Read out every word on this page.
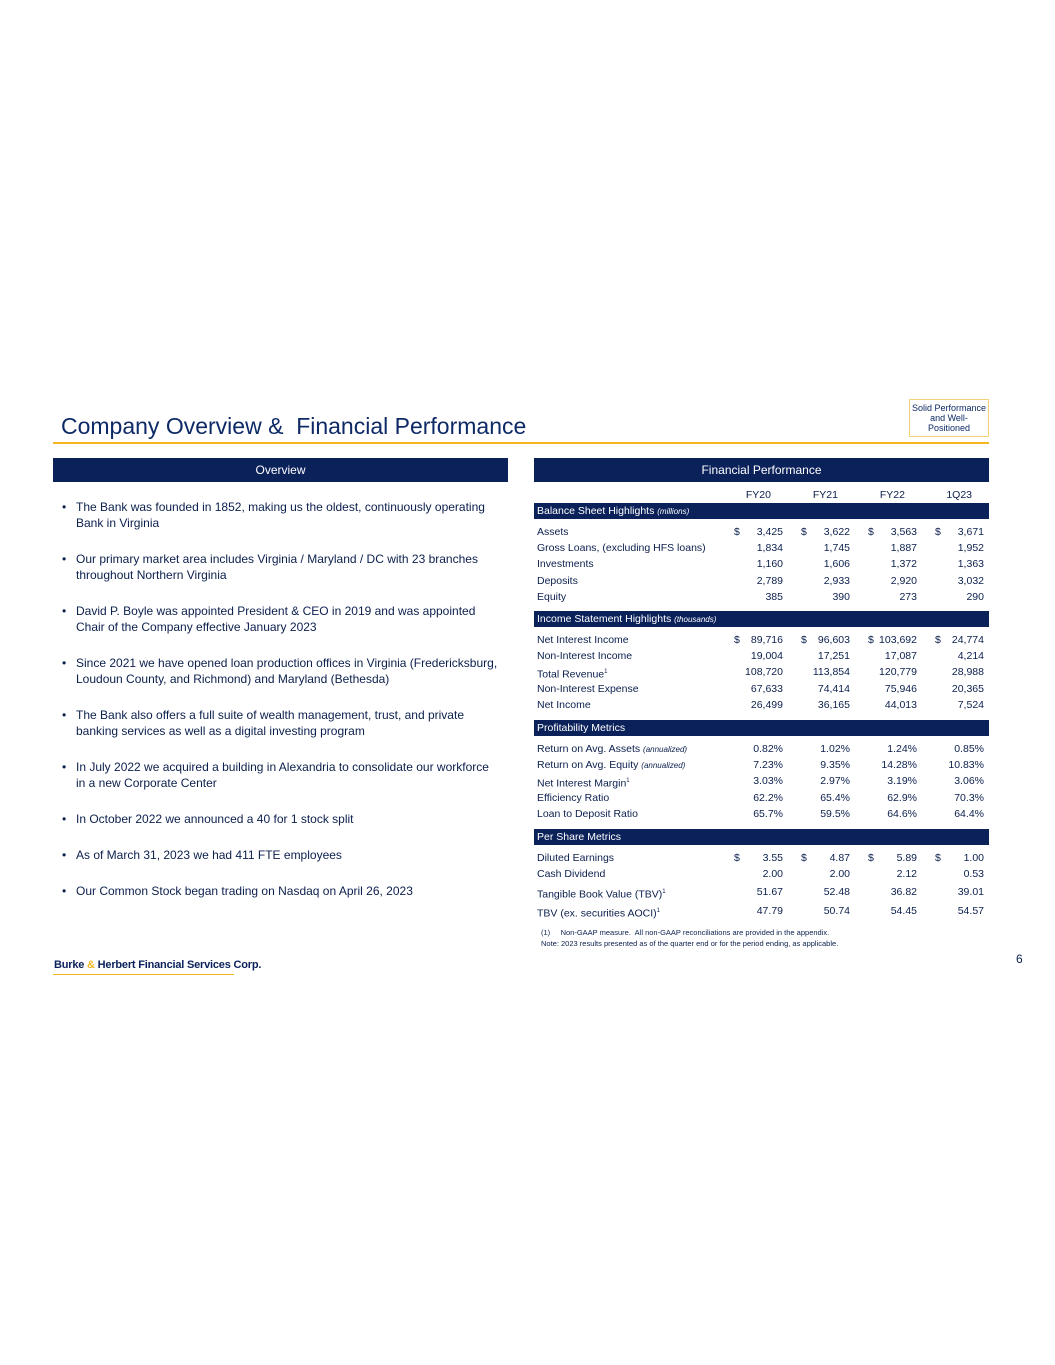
Company Overview &  Financial Performance
Solid Performance
and Well-
Positioned
Overview	Financial Performance
• The Bank was founded in 1852, making us the oldest, continuously operating Bank in Virginia
• Our primary market area includes Virginia / Maryland / DC with 23 branches throughout Northern Virginia
• David P. Boyle was appointed President & CEO in 2019 and was appointed Chair of the Company effective January 2023
• Since 2021 we have opened loan production offices in Virginia (Fredericksburg, Loudoun County, and Richmond) and Maryland (Bethesda)
• The Bank also offers a full suite of wealth management, trust, and private banking services as well as a digital investing program
• In July 2022 we acquired a building in Alexandria to consolidate our workforce in a new Corporate Center
• In October 2022 we announced a 40 for 1 stock split
• As of March 31, 2023 we had 411 FTE employees
• Our Common Stock began trading on Nasdaq on April 26, 2023
FY20	FY21	FY22	1Q23
Balance Sheet Highlights (millions)
Assets	$	3,425 $	3,622 $	3,563 $	3,671
Gross Loans, (excluding HFS loans)	1,834	1,745	1,887	1,952
Investments	1,160	1,606	1,372	1,363
Deposits	2,789	2,933	2,920	3,032
Equity	385	390	273	290
Income Statement Highlights (thousands)
Net Interest Income	$	89,716 $	96,603 $ 103,692 $	24,774
Non-Interest Income	19,004	17,251	17,087	4,214
Total Revenue$^1$	108,720	113,854	120,779	28,988
Non-Interest Expense	67,633	74,414	75,946	20,365
Net Income	26,499	36,165	44,013	7,524
Profitability Metrics
Return on Avg. Assets (annualized)	0.82%	1.02%	1.24%	0.85%
Return on Avg. Equity (annualized)	7.23%	9.35%	14.28%	10.83%
Net Interest Margin$^1$	3.03%	2.97%	3.19%	3.06%
Efficiency Ratio	62.2%	65.4%	62.9%	70.3%
Loan to Deposit Ratio	65.7%	59.5%	64.6%	64.4%
Per Share Metrics
Diluted Earnings	$	3.55 $	4.87 $	5.89 $	1.00
Cash Dividend	2.00	2.00	2.12	0.53
Tangible Book Value (TBV)$^1$	51.67	52.48	36.82	39.01
TBV (ex. securities AOCI)$^1$	47.79	50.74	54.45	54.57
(1)     Non-GAAP measure.  All non-GAAP reconciliations are provided in the appendix.
Note: 2023 results presented as of the quarter end or for the period ending, as applicable.
Burke & Herbert Financial Services Corp.	6
